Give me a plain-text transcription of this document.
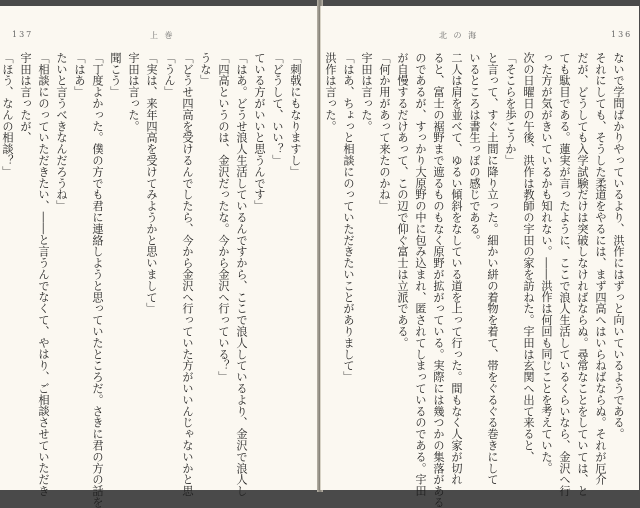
137	上 巻
「刺戟にもなりますし」
「どうして、いい？」
ている方がいいと思うんです」
「はあ。どうせ浪人生活しているんですから、ここで浪人しているより、金沢で浪人し
「四高というのは、金沢だったな。今から金沢へ行っている？」
うな」
「どうせ四高を受けるんでしたら、今から金沢へ行っていた方がいいんじゃないかと思
「うん」
「実は、来年四高を受けてみようかと思いまして」
宇田は言った。
聞こう」
「丁度よかった。僕の方でも君に連絡しようと思っていたところだ。さきに君の方の話を
「はあ」
たいと言うべきなんだろうね」
「相談にのっていただきたい、――と言うんでなくて、やはり、ご相談させていただき
宇田は言ったが、
「ほう、なんの相談？」
北 の 海	136
ないで学問ばかりやっているより、洪作にはずっと向いているようである。
それにしても、そうした柔道をやるには、まず四高へはいらねばならぬ。それが厄介
だが、どうしても入学試験だけは突破しなければならぬ。尋常なことをしていては、と
ても駄目である。蓮実が言ったように、ここで浪人生活しているくらいなら、金沢へ行
った方が気がきいているかも知れない。――洪作は何回も同じことを考えていた。
次の日曜日の午後、洪作は教師の宇田の家を訪ねた。宇田は玄関へ出て来ると、
「そこらを歩こうか」
と言って、すぐ土間に降り立った。細かい絣の着物を着て、帯をぐるぐる巻きにして
いるところは書生っぽの感じである。
二人は肩を並べて、ゆるい傾斜をなしている道を上って行った。間もなく人家が切れ
ると、富士の裾野まで遮るものもなく原野が拡がっている。実際には幾つかの集落がある
のであるが、すっかり大原野の中に包み込まれ、匿されてしまっているのである。宇田
が自慢するだけあって、この辺で仰ぐ富士は立派である。
「何か用があって来たのかね」
宇田は言った。
「はあ、ちょっと相談にのっていただきたいことがありまして」
洪作は言った。
